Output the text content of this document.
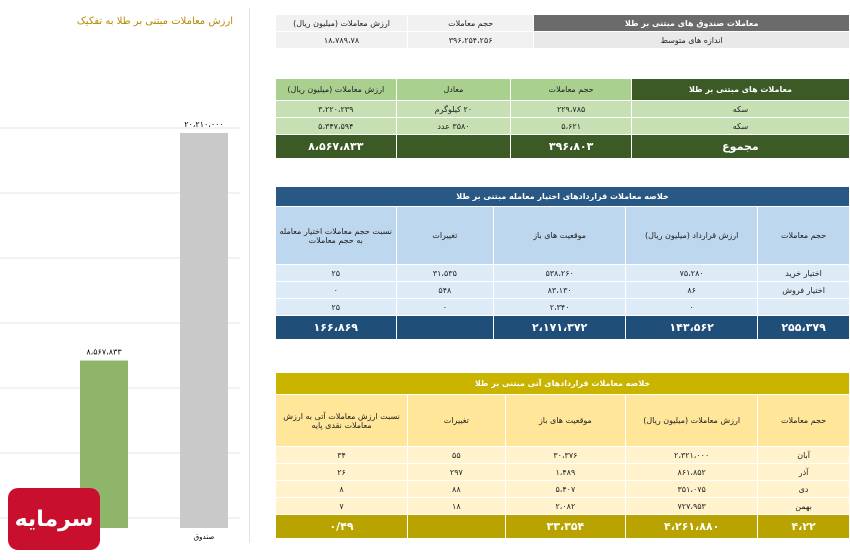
ارزش معاملات مبتنی بر طلا به تفکیک
۸،۵۶۷،۸۳۳
۲۰،۲۱۰،۰۰۰
صندوق
معاملات صندوق های مبتنی بر طلا	حجم معاملات	ارزش معاملات (میلیون ریال)
اندازه های متوسط	۳۹۶،۲۵۴،۲۵۶	۱۸،۷۸۹،۷۸
معاملات های مبتنی بر طلا	حجم معاملات	معادل	ارزش معاملات (میلیون ریال)
سکه	۲۲۹،۷۸۵	۲۰ کیلوگرم	۳،۲۲۰،۲۳۹
سکه	۵،۶۲۱	۳۵۸۰ عدد	۵،۳۴۷،۵۹۴
مجموع	۳۹۶،۸۰۳		۸،۵۶۷،۸۳۳
خلاصه معاملات قراردادهای اختیار معامله مبتنی بر طلا				
حجم معاملات	ارزش قرارداد (میلیون ریال)	موقعیت های باز	تغییرات	نسبت حجم معاملات اختیار معامله به حجم معاملات
اختیار خرید	۷۵،۲۸۰	۵۳۸،۲۶۰	۳۱،۵۳۵	۲۵
اختیار فروش	۸۶	۸۳،۱۳۰	۵۴۸	۰
	۰	۲،۳۴۰	۰	۲۵
۲۵۵،۳۷۹	۱۴۳،۵۶۲	۲،۱۷۱،۳۷۲		۱۶۶،۸۶۹
خلاصه معاملات قراردادهای آتی مبتنی بر طلا				
حجم معاملات	ارزش معاملات (میلیون ریال)	موقعیت های باز	تغییرات	نسبت ارزش معاملات آتی به ارزش معاملات نقدی پایه
آبان	۲،۳۲۱،۰۰۰	۳۰،۳۷۶	۵۵	۳۴
آذر	۸۶۱،۸۵۲	۱،۴۸۹	۲۹۷	۲۶
دی	۳۵۱،۰۷۵	۵،۴۰۷	۸۸	۸
بهمن	۷۲۷،۹۵۳	۲،۰۸۲	۱۸	۷
۴،۲۲	۴،۲۶۱،۸۸۰	۳۳،۳۵۴		۰/۴۹
سرمایه
